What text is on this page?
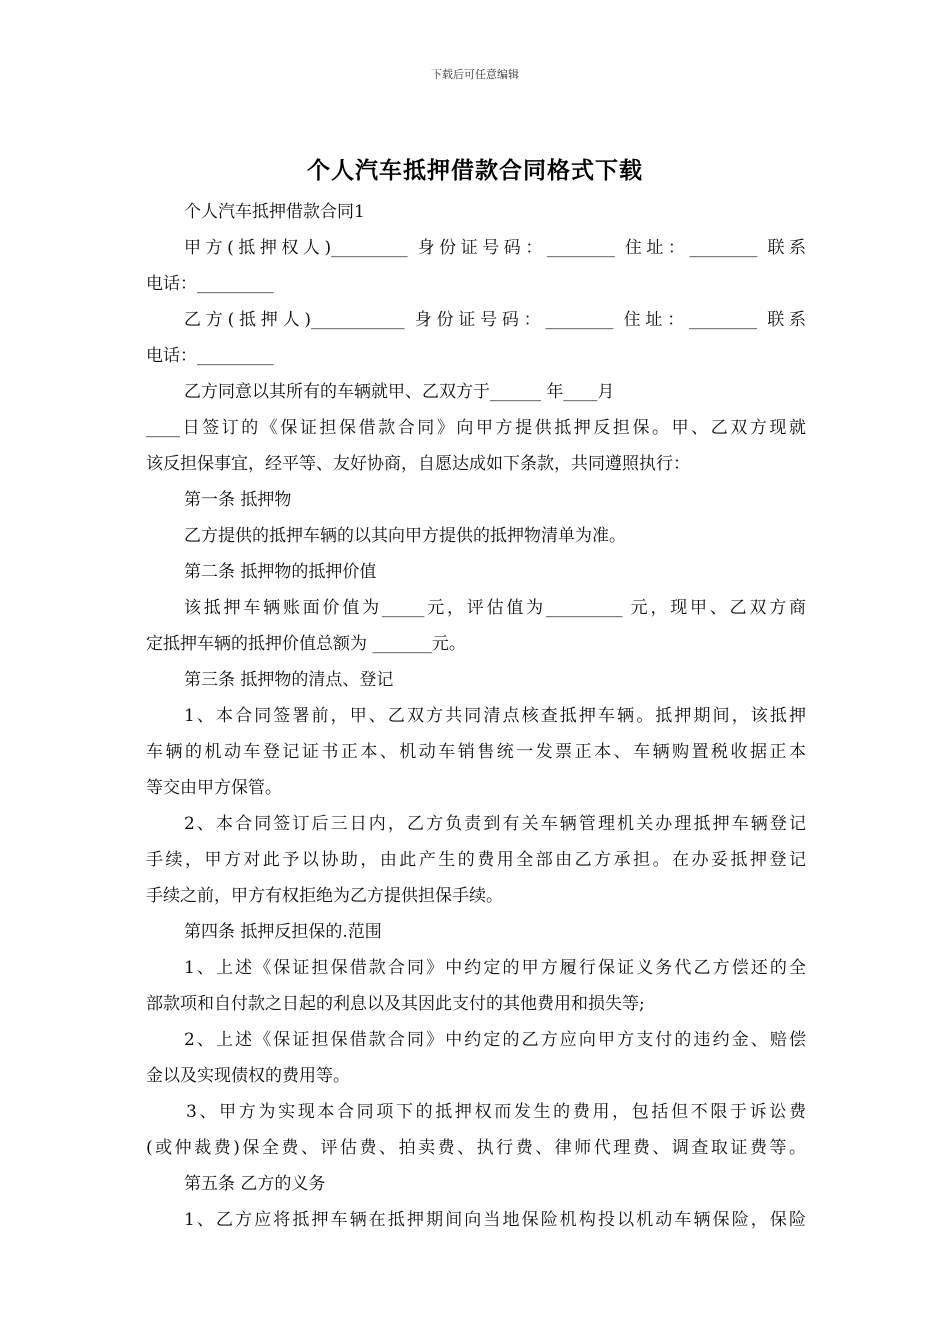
下载后可任意编辑
个人汽车抵押借款合同格式下载
个人汽车抵押借款合同1
甲方(抵押权人)_________ 身份证号码：________ 住址：________ 联系
电话：_________
乙方(抵押人)___________ 身份证号码：________ 住址：________ 联系
电话：_________
乙方同意以其所有的车辆就甲、乙双方于______ 年____月
____日签订的《保证担保借款合同》向甲方提供抵押反担保。甲、乙双方现就
该反担保事宜，经平等、友好协商，自愿达成如下条款，共同遵照执行：
第一条 抵押物
乙方提供的抵押车辆的以其向甲方提供的抵押物清单为准。
第二条 抵押物的抵押价值
该抵押车辆账面价值为_____元，评估值为_________ 元，现甲、乙双方商
定抵押车辆的抵押价值总额为 _______元。
第三条 抵押物的清点、登记
1、本合同签署前，甲、乙双方共同清点核查抵押车辆。抵押期间，该抵押
车辆的机动车登记证书正本、机动车销售统一发票正本、车辆购置税收据正本
等交由甲方保管。
2、本合同签订后三日内，乙方负责到有关车辆管理机关办理抵押车辆登记
手续，甲方对此予以协助，由此产生的费用全部由乙方承担。在办妥抵押登记
手续之前，甲方有权拒绝为乙方提供担保手续。
第四条 抵押反担保的.范围
1、上述《保证担保借款合同》中约定的甲方履行保证义务代乙方偿还的全
部款项和自付款之日起的利息以及其因此支付的其他费用和损失等;
2、上述《保证担保借款合同》中约定的乙方应向甲方支付的违约金、赔偿
金以及实现债权的费用等。
3、甲方为实现本合同项下的抵押权而发生的费用，包括但不限于诉讼费
(或仲裁费)保全费、评估费、拍卖费、执行费、律师代理费、调查取证费等。
第五条 乙方的义务
1、乙方应将抵押车辆在抵押期间向当地保险机构投以机动车辆保险，保险
